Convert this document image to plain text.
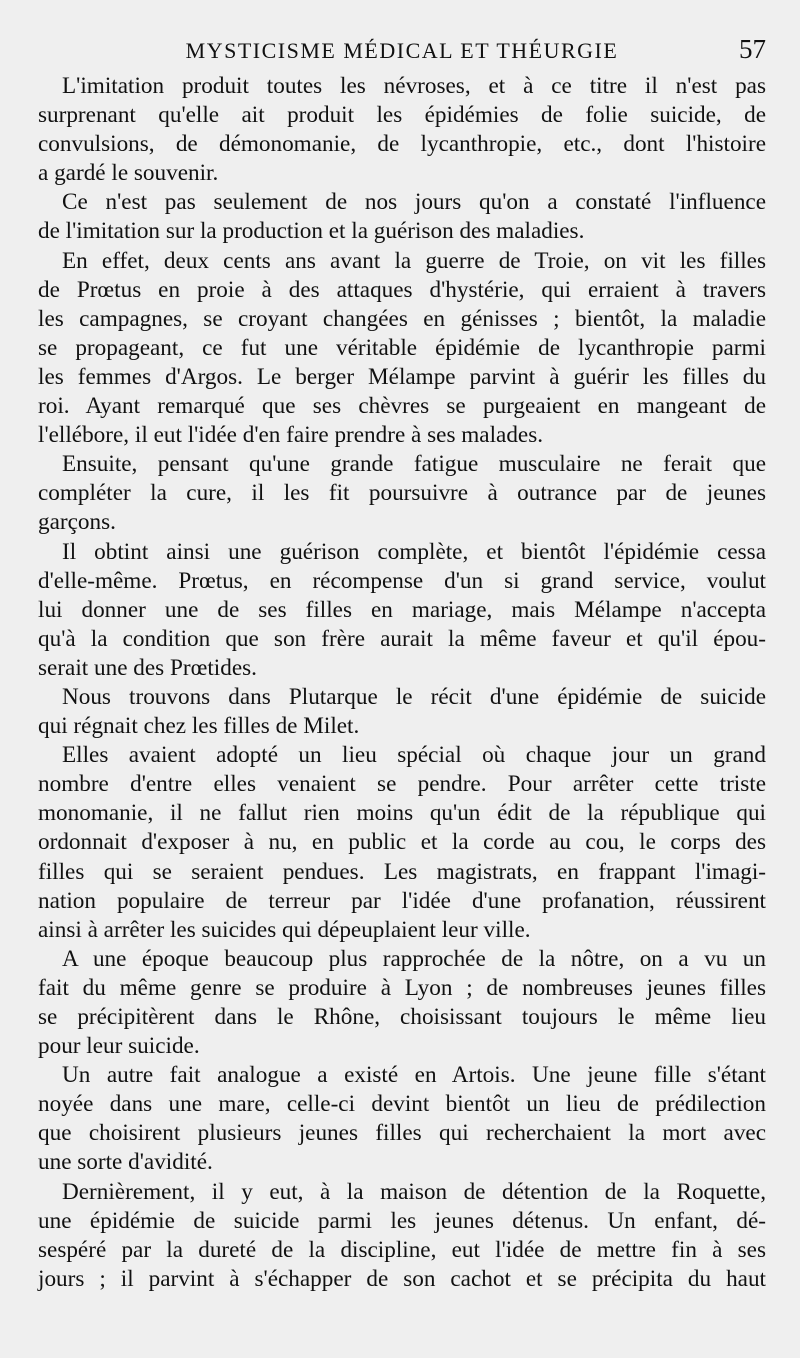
MYSTICISME MÉDICAL ET THÉURGIE	57
L'imitation produit toutes les névroses, et à ce titre il n'est pas
surprenant qu'elle ait produit les épidémies de folie suicide, de
convulsions, de démonomanie, de lycanthropie, etc., dont l'histoire
a gardé le souvenir.
Ce n'est pas seulement de nos jours qu'on a constaté l'influence
de l'imitation sur la production et la guérison des maladies.
En effet, deux cents ans avant la guerre de Troie, on vit les filles
de Prœtus en proie à des attaques d'hystérie, qui erraient à travers
les campagnes, se croyant changées en génisses ; bientôt, la maladie
se propageant, ce fut une véritable épidémie de lycanthropie parmi
les femmes d'Argos. Le berger Mélampe parvint à guérir les filles du
roi. Ayant remarqué que ses chèvres se purgeaient en mangeant de
l'ellébore, il eut l'idée d'en faire prendre à ses malades.
Ensuite, pensant qu'une grande fatigue musculaire ne ferait que
compléter la cure, il les fit poursuivre à outrance par de jeunes
garçons.
Il obtint ainsi une guérison complète, et bientôt l'épidémie cessa
d'elle-même. Prœtus, en récompense d'un si grand service, voulut
lui donner une de ses filles en mariage, mais Mélampe n'accepta
qu'à la condition que son frère aurait la même faveur et qu'il épou-
serait une des Prœtides.
Nous trouvons dans Plutarque le récit d'une épidémie de suicide
qui régnait chez les filles de Milet.
Elles avaient adopté un lieu spécial où chaque jour un grand
nombre d'entre elles venaient se pendre. Pour arrêter cette triste
monomanie, il ne fallut rien moins qu'un édit de la république qui
ordonnait d'exposer à nu, en public et la corde au cou, le corps des
filles qui se seraient pendues. Les magistrats, en frappant l'imagi-
nation populaire de terreur par l'idée d'une profanation, réussirent
ainsi à arrêter les suicides qui dépeuplaient leur ville.
A une époque beaucoup plus rapprochée de la nôtre, on a vu un
fait du même genre se produire à Lyon ; de nombreuses jeunes filles
se précipitèrent dans le Rhône, choisissant toujours le même lieu
pour leur suicide.
Un autre fait analogue a existé en Artois. Une jeune fille s'étant
noyée dans une mare, celle-ci devint bientôt un lieu de prédilection
que choisirent plusieurs jeunes filles qui recherchaient la mort avec
une sorte d'avidité.
Dernièrement, il y eut, à la maison de détention de la Roquette,
une épidémie de suicide parmi les jeunes détenus. Un enfant, dé-
sespéré par la dureté de la discipline, eut l'idée de mettre fin à ses
jours ; il parvint à s'échapper de son cachot et se précipita du haut
